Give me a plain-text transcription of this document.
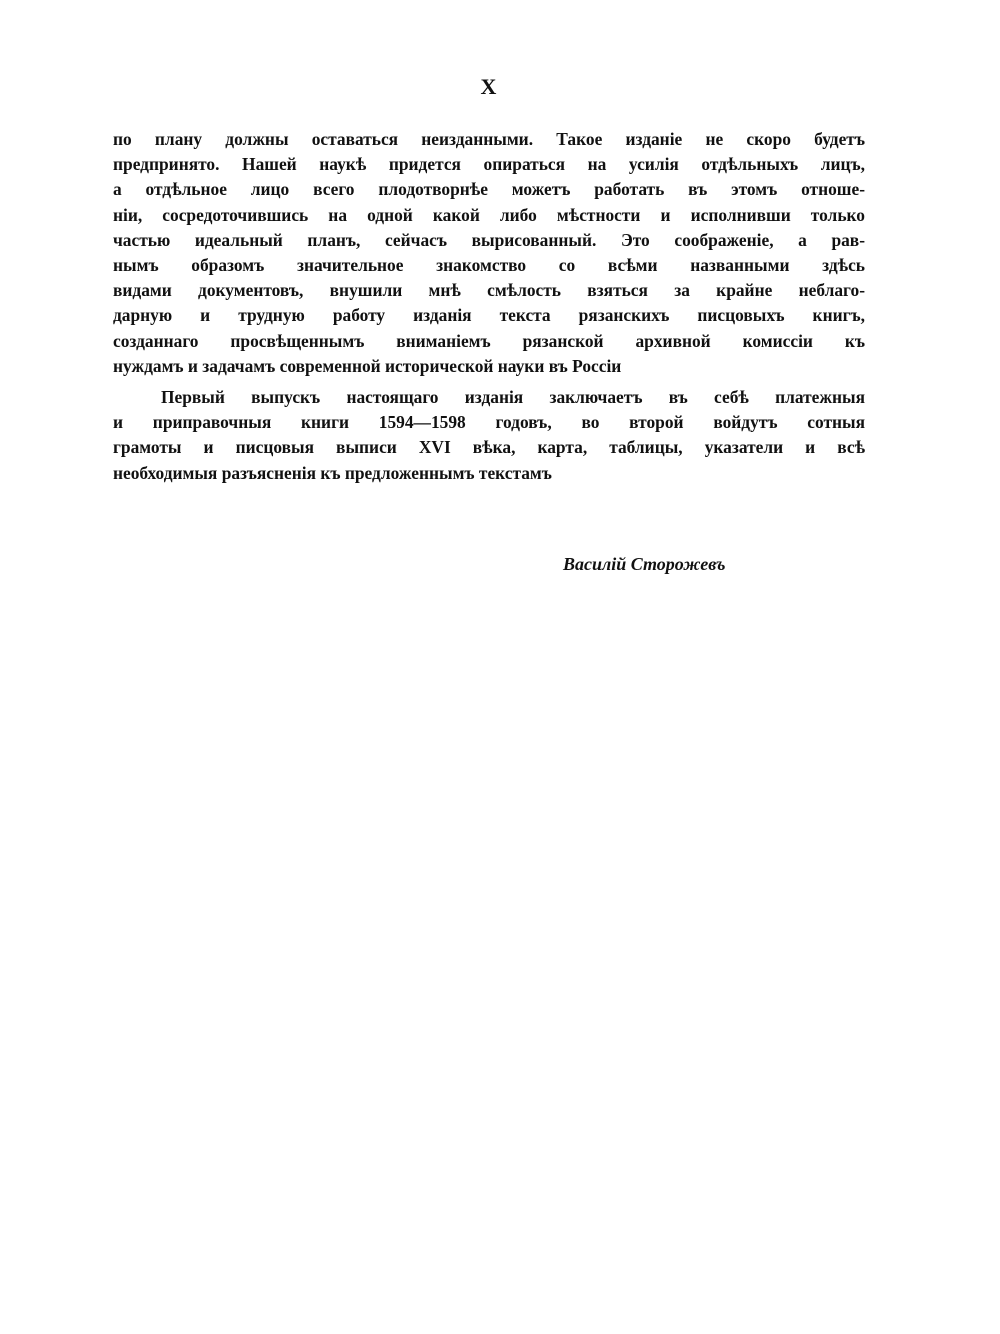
X
по плану должны оставаться неизданными. Такое изданіе не скоро будетъ
предпринято. Нашей наукѣ придется опираться на усилія отдѣльныхъ лицъ,
а отдѣльное лицо всего плодотворнѣе можетъ работать въ этомъ отноше-
ніи, сосредоточившись на одной какой либо мѣстности и исполнивши только
частью идеальный планъ, сейчасъ вырисованный. Это соображеніе, а рав-
нымъ образомъ значительное знакомство со всѣми названными здѣсь
видами документовъ, внушили мнѣ смѣлость взяться за крайне неблаго-
дарную и трудную работу изданія текста рязанскихъ писцовыхъ книгъ,
созданнаго просвѣщеннымъ вниманіемъ рязанской архивной комиссіи къ
нуждамъ и задачамъ современной исторической науки въ Россіи
Первый выпускъ настоящаго изданія заключаетъ въ себѣ платежныя
и приправочныя книги 1594—1598 годовъ, во второй войдутъ сотныя
грамоты и писцовыя выписи XVI вѣка, карта, таблицы, указатели и всѣ
необходимыя разъясненія къ предложеннымъ текстамъ
Василій Сторожевъ
